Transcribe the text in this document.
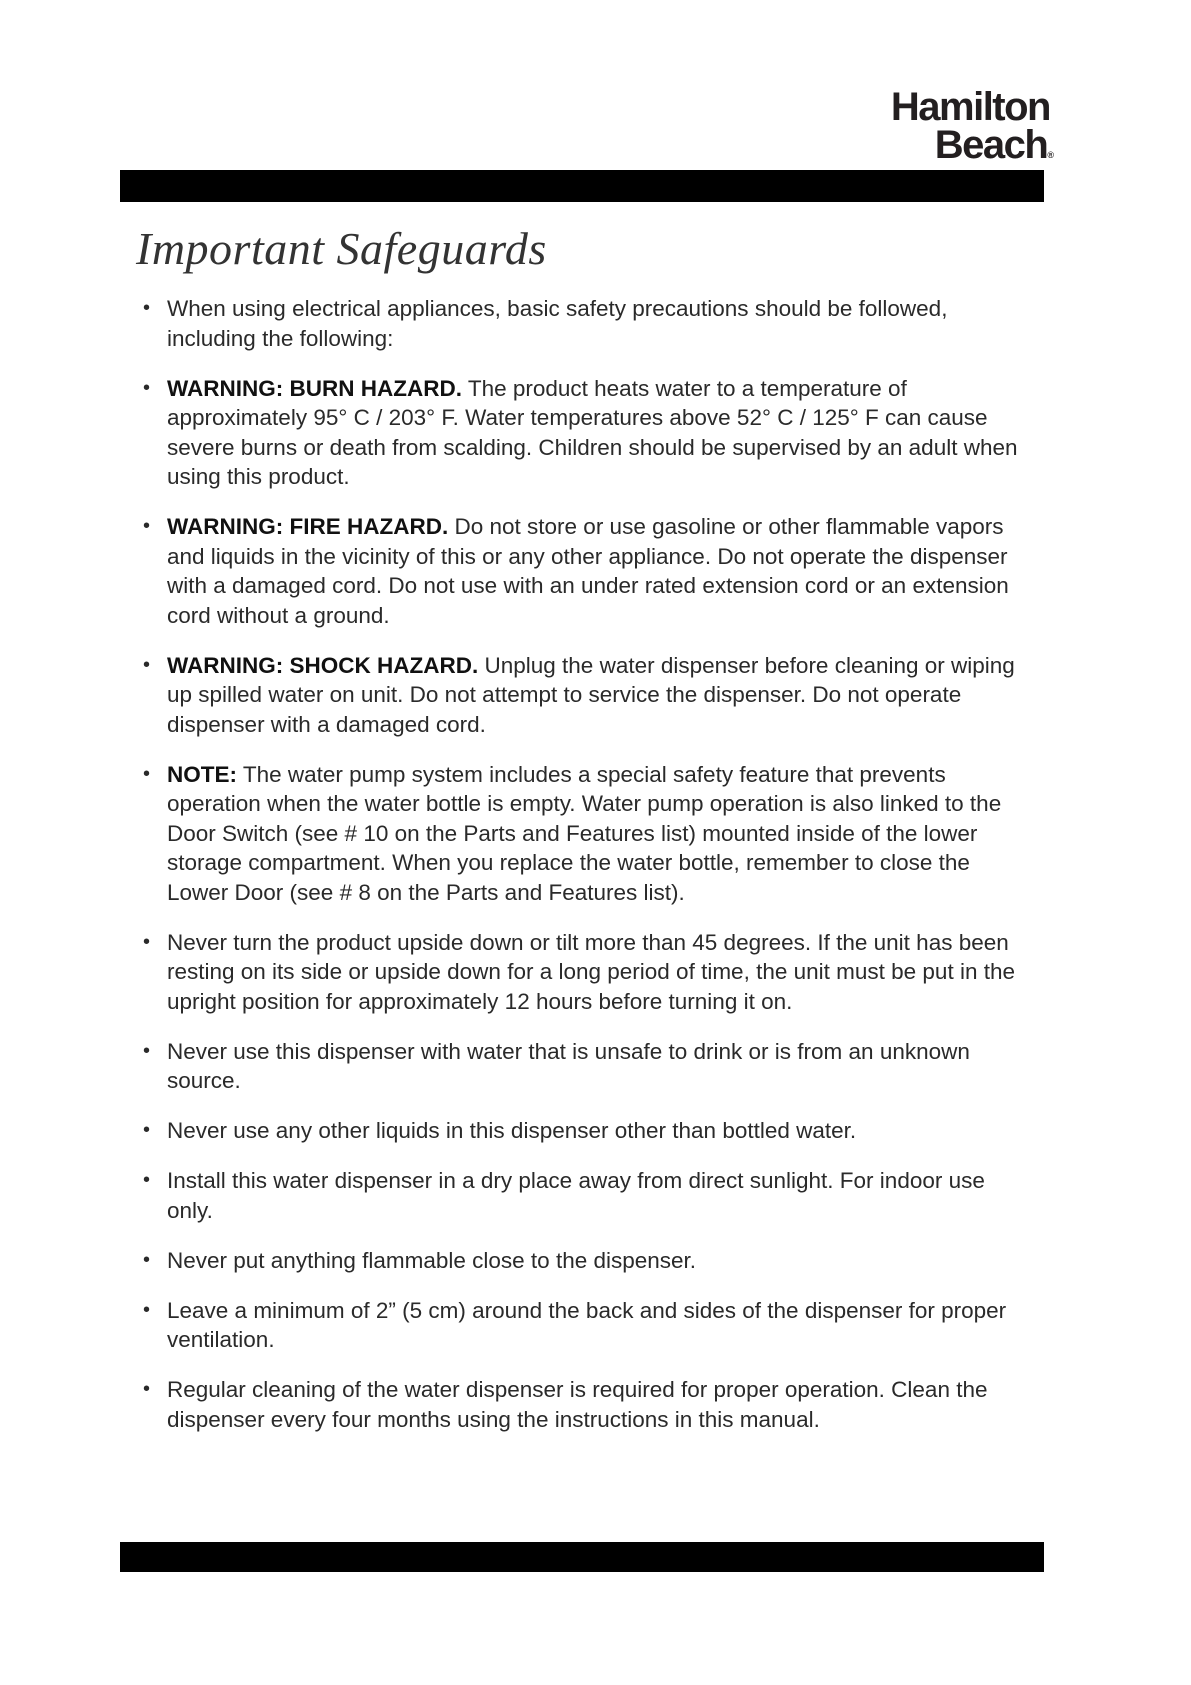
Hamilton
Beach®
Important Safeguards
• When using electrical appliances, basic safety precautions should be followed, including the following:
• WARNING: BURN HAZARD. The product heats water to a temperature of approximately 95° C / 203° F. Water temperatures above 52° C / 125° F can cause severe burns or death from scalding. Children should be supervised by an adult when using this product.
• WARNING: FIRE HAZARD. Do not store or use gasoline or other flammable vapors and liquids in the vicinity of this or any other appliance. Do not operate the dispenser with a damaged cord. Do not use with an under rated extension cord or an extension cord without a ground.
• WARNING: SHOCK HAZARD. Unplug the water dispenser before cleaning or wiping up spilled water on unit. Do not attempt to service the dispenser. Do not operate dispenser with a damaged cord.
• NOTE: The water pump system includes a special safety feature that prevents operation when the water bottle is empty. Water pump operation is also linked to the Door Switch (see # 10 on the Parts and Features list) mounted inside of the lower storage compartment. When you replace the water bottle, remember to close the Lower Door (see # 8 on the Parts and Features list).
• Never turn the product upside down or tilt more than 45 degrees. If the unit has been resting on its side or upside down for a long period of time, the unit must be put in the upright position for approximately 12 hours before turning it on.
• Never use this dispenser with water that is unsafe to drink or is from an unknown source.
• Never use any other liquids in this dispenser other than bottled water.
• Install this water dispenser in a dry place away from direct sunlight. For indoor use only.
• Never put anything flammable close to the dispenser.
• Leave a minimum of 2” (5 cm) around the back and sides of the dispenser for proper ventilation.
• Regular cleaning of the water dispenser is required for proper operation. Clean the dispenser every four months using the instructions in this manual.
